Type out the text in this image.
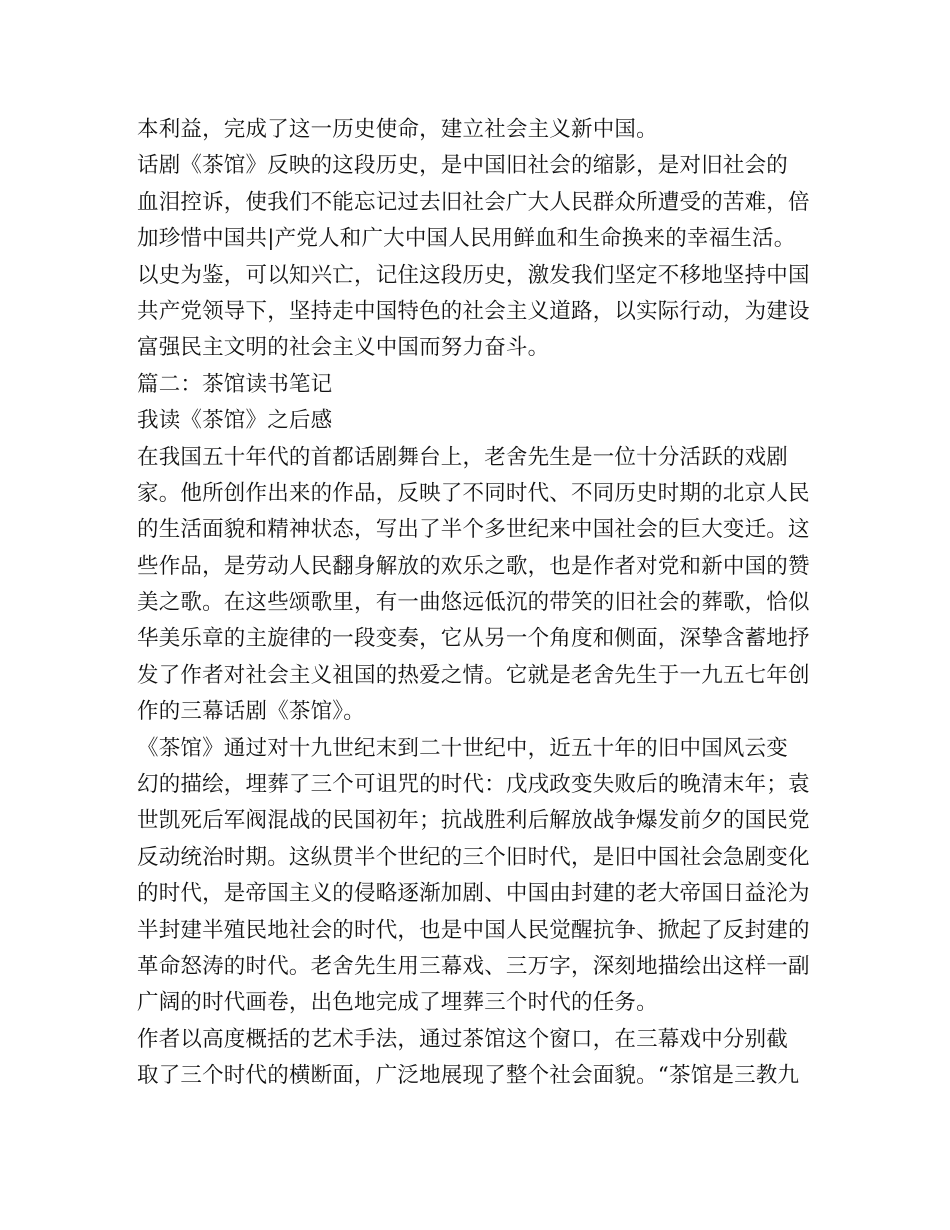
本利益，完成了这一历史使命，建立社会主义新中国。
话剧《茶馆》反映的这段历史，是中国旧社会的缩影，是对旧社会的
血泪控诉，使我们不能忘记过去旧社会广大人民群众所遭受的苦难，倍
加珍惜中国共|产党人和广大中国人民用鲜血和生命换来的幸福生活。
以史为鉴，可以知兴亡，记住这段历史，激发我们坚定不移地坚持中国
共产党领导下，坚持走中国特色的社会主义道路，以实际行动，为建设
富强民主文明的社会主义中国而努力奋斗。
篇二：茶馆读书笔记
我读《茶馆》之后感
在我国五十年代的首都话剧舞台上，老舍先生是一位十分活跃的戏剧
家。他所创作出来的作品，反映了不同时代、不同历史时期的北京人民
的生活面貌和精神状态，写出了半个多世纪来中国社会的巨大变迁。这
些作品，是劳动人民翻身解放的欢乐之歌，也是作者对党和新中国的赞
美之歌。在这些颂歌里，有一曲悠远低沉的带笑的旧社会的葬歌，恰似
华美乐章的主旋律的一段变奏，它从另一个角度和侧面，深挚含蓄地抒
发了作者对社会主义祖国的热爱之情。它就是老舍先生于一九五七年创
作的三幕话剧《茶馆》。
《茶馆》通过对十九世纪末到二十世纪中，近五十年的旧中国风云变
幻的描绘，埋葬了三个可诅咒的时代：戊戌政变失败后的晚清末年；袁
世凯死后军阀混战的民国初年；抗战胜利后解放战争爆发前夕的国民党
反动统治时期。这纵贯半个世纪的三个旧时代，是旧中国社会急剧变化
的时代，是帝国主义的侵略逐渐加剧、中国由封建的老大帝国日益沦为
半封建半殖民地社会的时代，也是中国人民觉醒抗争、掀起了反封建的
革命怒涛的时代。老舍先生用三幕戏、三万字，深刻地描绘出这样一副
广阔的时代画卷，出色地完成了埋葬三个时代的任务。
作者以高度概括的艺术手法，通过茶馆这个窗口，在三幕戏中分别截
取了三个时代的横断面，广泛地展现了整个社会面貌。“茶馆是三教九
